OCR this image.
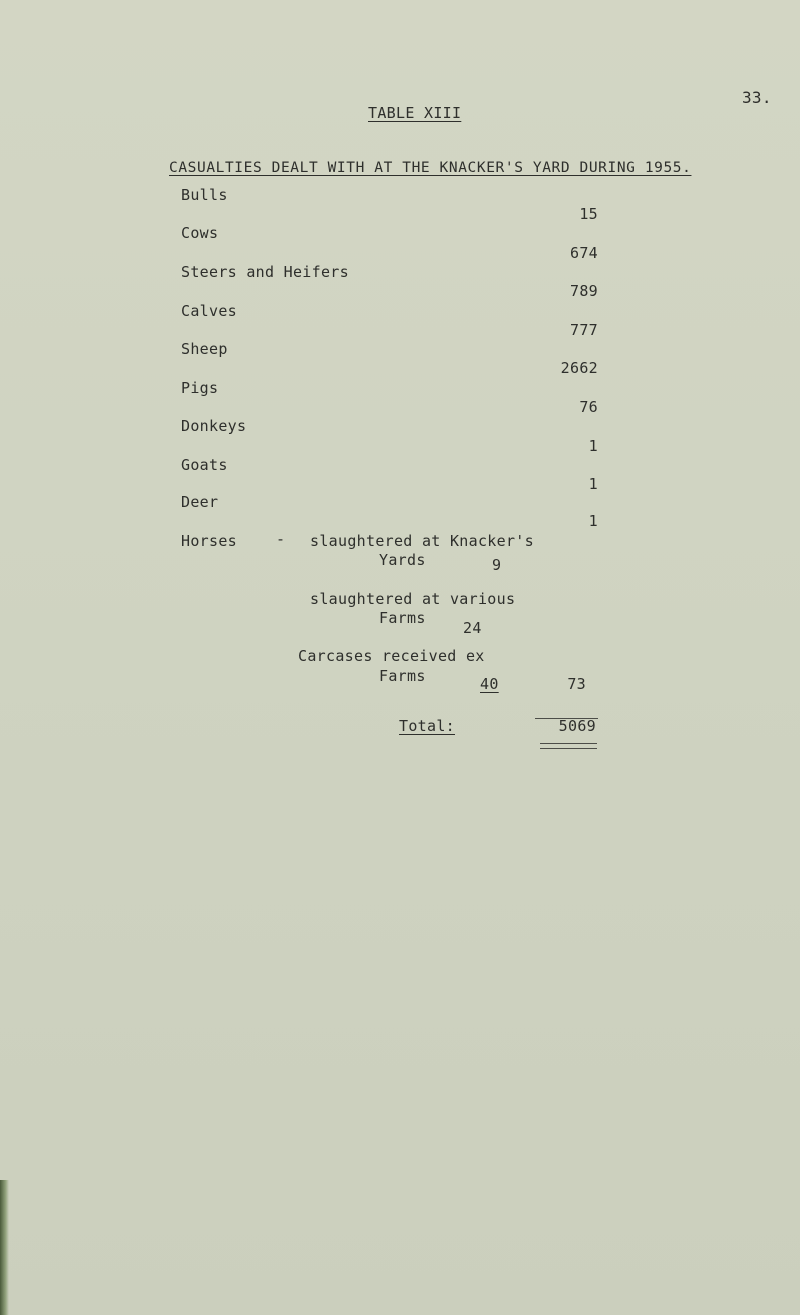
33.
TABLE XIII
CASUALTIES DEALT WITH AT THE KNACKER'S YARD DURING 1955.
Bulls
15
Cows
674
Steers and Heifers
789
Calves
777
Sheep
2662
Pigs
76
Donkeys
1
Goats
1
Deer
1
Horses	- slaughtered at Knacker's
Yards	9
slaughtered at various
Farms
24
Carcases received ex
Farms	40	73
Total:	5069
